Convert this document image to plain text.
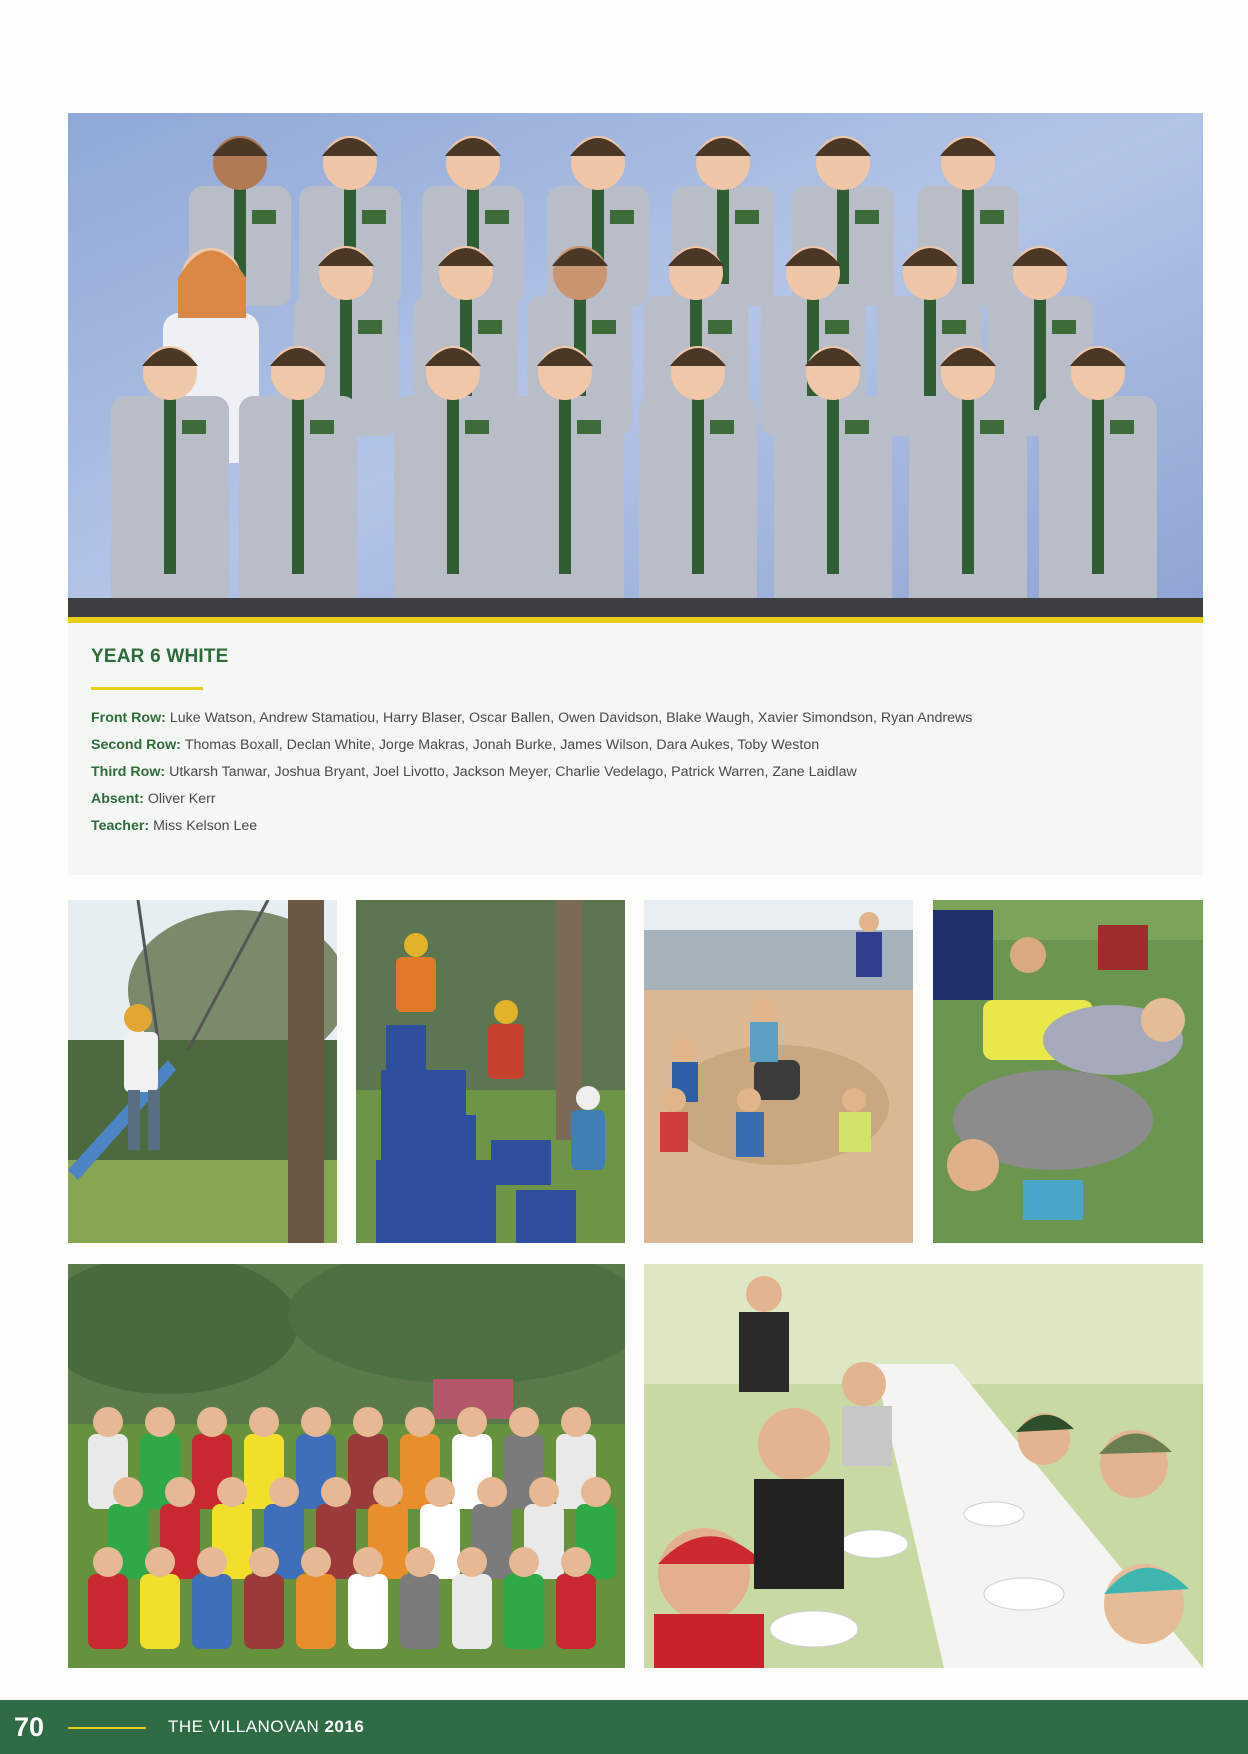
YEAR 6 WHITE
Front Row: Luke Watson, Andrew Stamatiou, Harry Blaser, Oscar Ballen, Owen Davidson, Blake Waugh, Xavier Simondson, Ryan Andrews
Second Row: Thomas Boxall, Declan White, Jorge Makras, Jonah Burke, James Wilson, Dara Aukes, Toby Weston
Third Row: Utkarsh Tanwar, Joshua Bryant, Joel Livotto, Jackson Meyer, Charlie Vedelago, Patrick Warren, Zane Laidlaw
Absent: Oliver Kerr
Teacher: Miss Kelson Lee
70	THE VILLANOVAN 2016
